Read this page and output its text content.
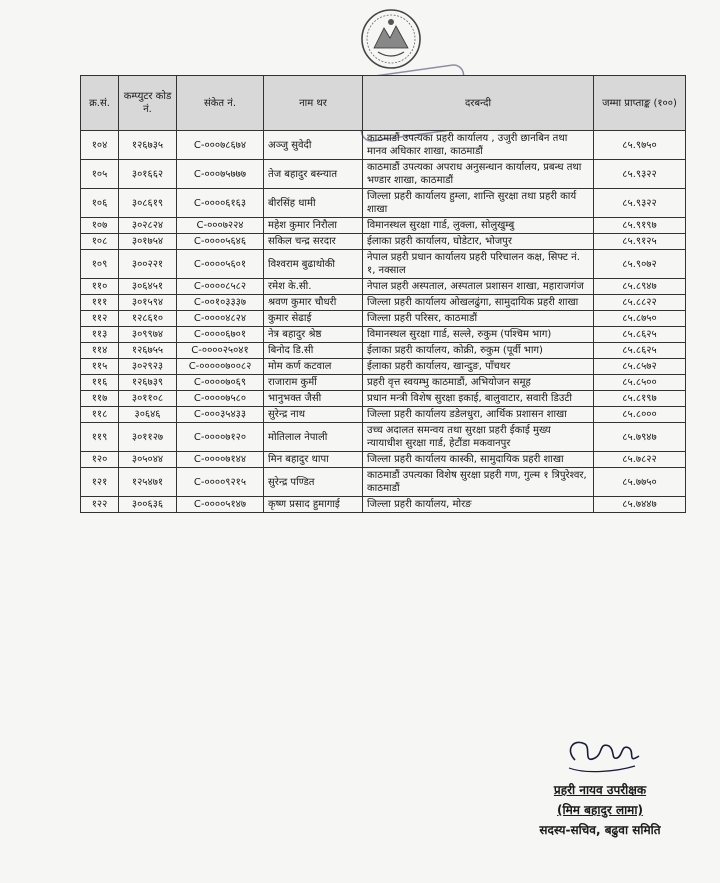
क्र.सं.	कम्प्युटर कोड नं.	संकेत नं.	नाम थर	दरबन्दी	जम्मा प्राप्ताङ्क (१००)
१०४	१२६७३५	C-०००७८६७४	अञ्जु सुवेदी	काठमाडौं उपत्यका प्रहरी कार्यालय , उजुरी छानबिन तथा मानव अधिकार शाखा, काठमाडौं	८५.९७५०
१०५	३०१६६२	C-०००७५७७७	तेज बहादुर बस्न्यात	काठमाडौं उपत्यका अपराध अनुसन्धान कार्यालय, प्रबन्ध तथा भण्डार शाखा, काठमाडौं	८५.९३२२
१०६	३०८६१९	C-००००६१६३	बीरसिंह धामी	जिल्ला प्रहरी कार्यालय हुम्ला, शान्ति सुरक्षा तथा प्रहरी कार्य शाखा	८५.९३२२
१०७	३०२८२४	C-०००७२२४	महेश कुमार निरौला	विमानस्थल सुरक्षा गार्ड, लुक्ला, सोलुखुम्बु	८५.९१९७
१०८	३०१७५४	C-००००५६४६	सकिल चन्द्र सरदार	ईलाका प्रहरी कार्यालय, घोडेटार, भोजपुर	८५.९१२५
१०९	३००२२१	C-००००५६०१	विश्वराम बुढाथोकी	नेपाल प्रहरी प्रधान कार्यालय प्रहरी परिचालन कक्ष, सिफ्ट नं. १, नक्साल	८५.९०७२
११०	३०६४५१	C-००००८५८२	रमेश के.सी.	नेपाल प्रहरी अस्पताल, अस्पताल प्रशासन शाखा, महाराजगंज	८५.८९४७
१११	३०१५९४	C-००१०३३३७	श्रवण कुमार चौधरी	जिल्ला प्रहरी कार्यालय ओखलढुंगा, सामुदायिक प्रहरी शाखा	८५.८८२२
११२	१२८६१०	C-००००४८२४	कुमार सेढाई	जिल्ला प्रहरी परिसर, काठमाडौं	८५.८७५०
११३	३०९९७४	C-००००६७०१	नेत्र बहादुर श्रेष्ठ	विमानस्थल सुरक्षा गार्ड, सल्ले, रुकुम (पश्चिम भाग)	८५.८६२५
११४	१२६७५५	C-००००२५०४१	बिनोद डि.सी	ईलाका प्रहरी कार्यालय, कोक्री, रुकुम (पूर्वी भाग)	८५.८६२५
११५	३०२९२३	C-०००००७००८२	मोम कर्ण कटवाल	ईलाका प्रहरी कार्यालय, खान्दुङ, पाँचथर	८५.८५७२
११६	१२६७३९	C-००००७०६९	राजाराम कुर्मी	प्रहरी वृत्त स्वयम्भु काठमाडौं, अभियोजन समूह	८५.८५००
११७	३०११०८	C-००००७५८०	भानुभक्त जैसी	प्रधान मन्त्री विशेष सुरक्षा इकाई, बालुवाटार, सवारी डिउटी	८५.८१९७
११८	३०६४६	C-०००३५४३३	सुरेन्द्र नाथ	जिल्ला प्रहरी कार्यालय डडेलधुरा, आर्थिक प्रशासन शाखा	८५.८०००
११९	३०११२७	C-००००७१२०	मोतिलाल नेपाली	उच्च अदालत समन्वय तथा सुरक्षा प्रहरी ईकाई मुख्य न्यायाधीश सुरक्षा गार्ड, हेटौंडा मकवानपुर	८५.७९४७
१२०	३०५०४४	C-००००७१४४	मिन बहादुर थापा	जिल्ला प्रहरी कार्यालय कास्की, सामुदायिक प्रहरी शाखा	८५.७८२२
१२१	१२५४७१	C-००००९२१५	सुरेन्द्र पण्डित	काठमाडौं उपत्यका विशेष सुरक्षा प्रहरी गण, गुल्म १ त्रिपुरेश्वर, काठमाडौं	८५.७७५०
१२२	३००६३६	C-००००५१४७	कृष्ण प्रसाद हुमागाई	जिल्ला प्रहरी कार्यालय, मोरङ	८५.७४४७
प्रहरी नायव उपरीक्षक
(मिम बहादुर लामा)
सदस्य-सचिव, बढुवा समिति
